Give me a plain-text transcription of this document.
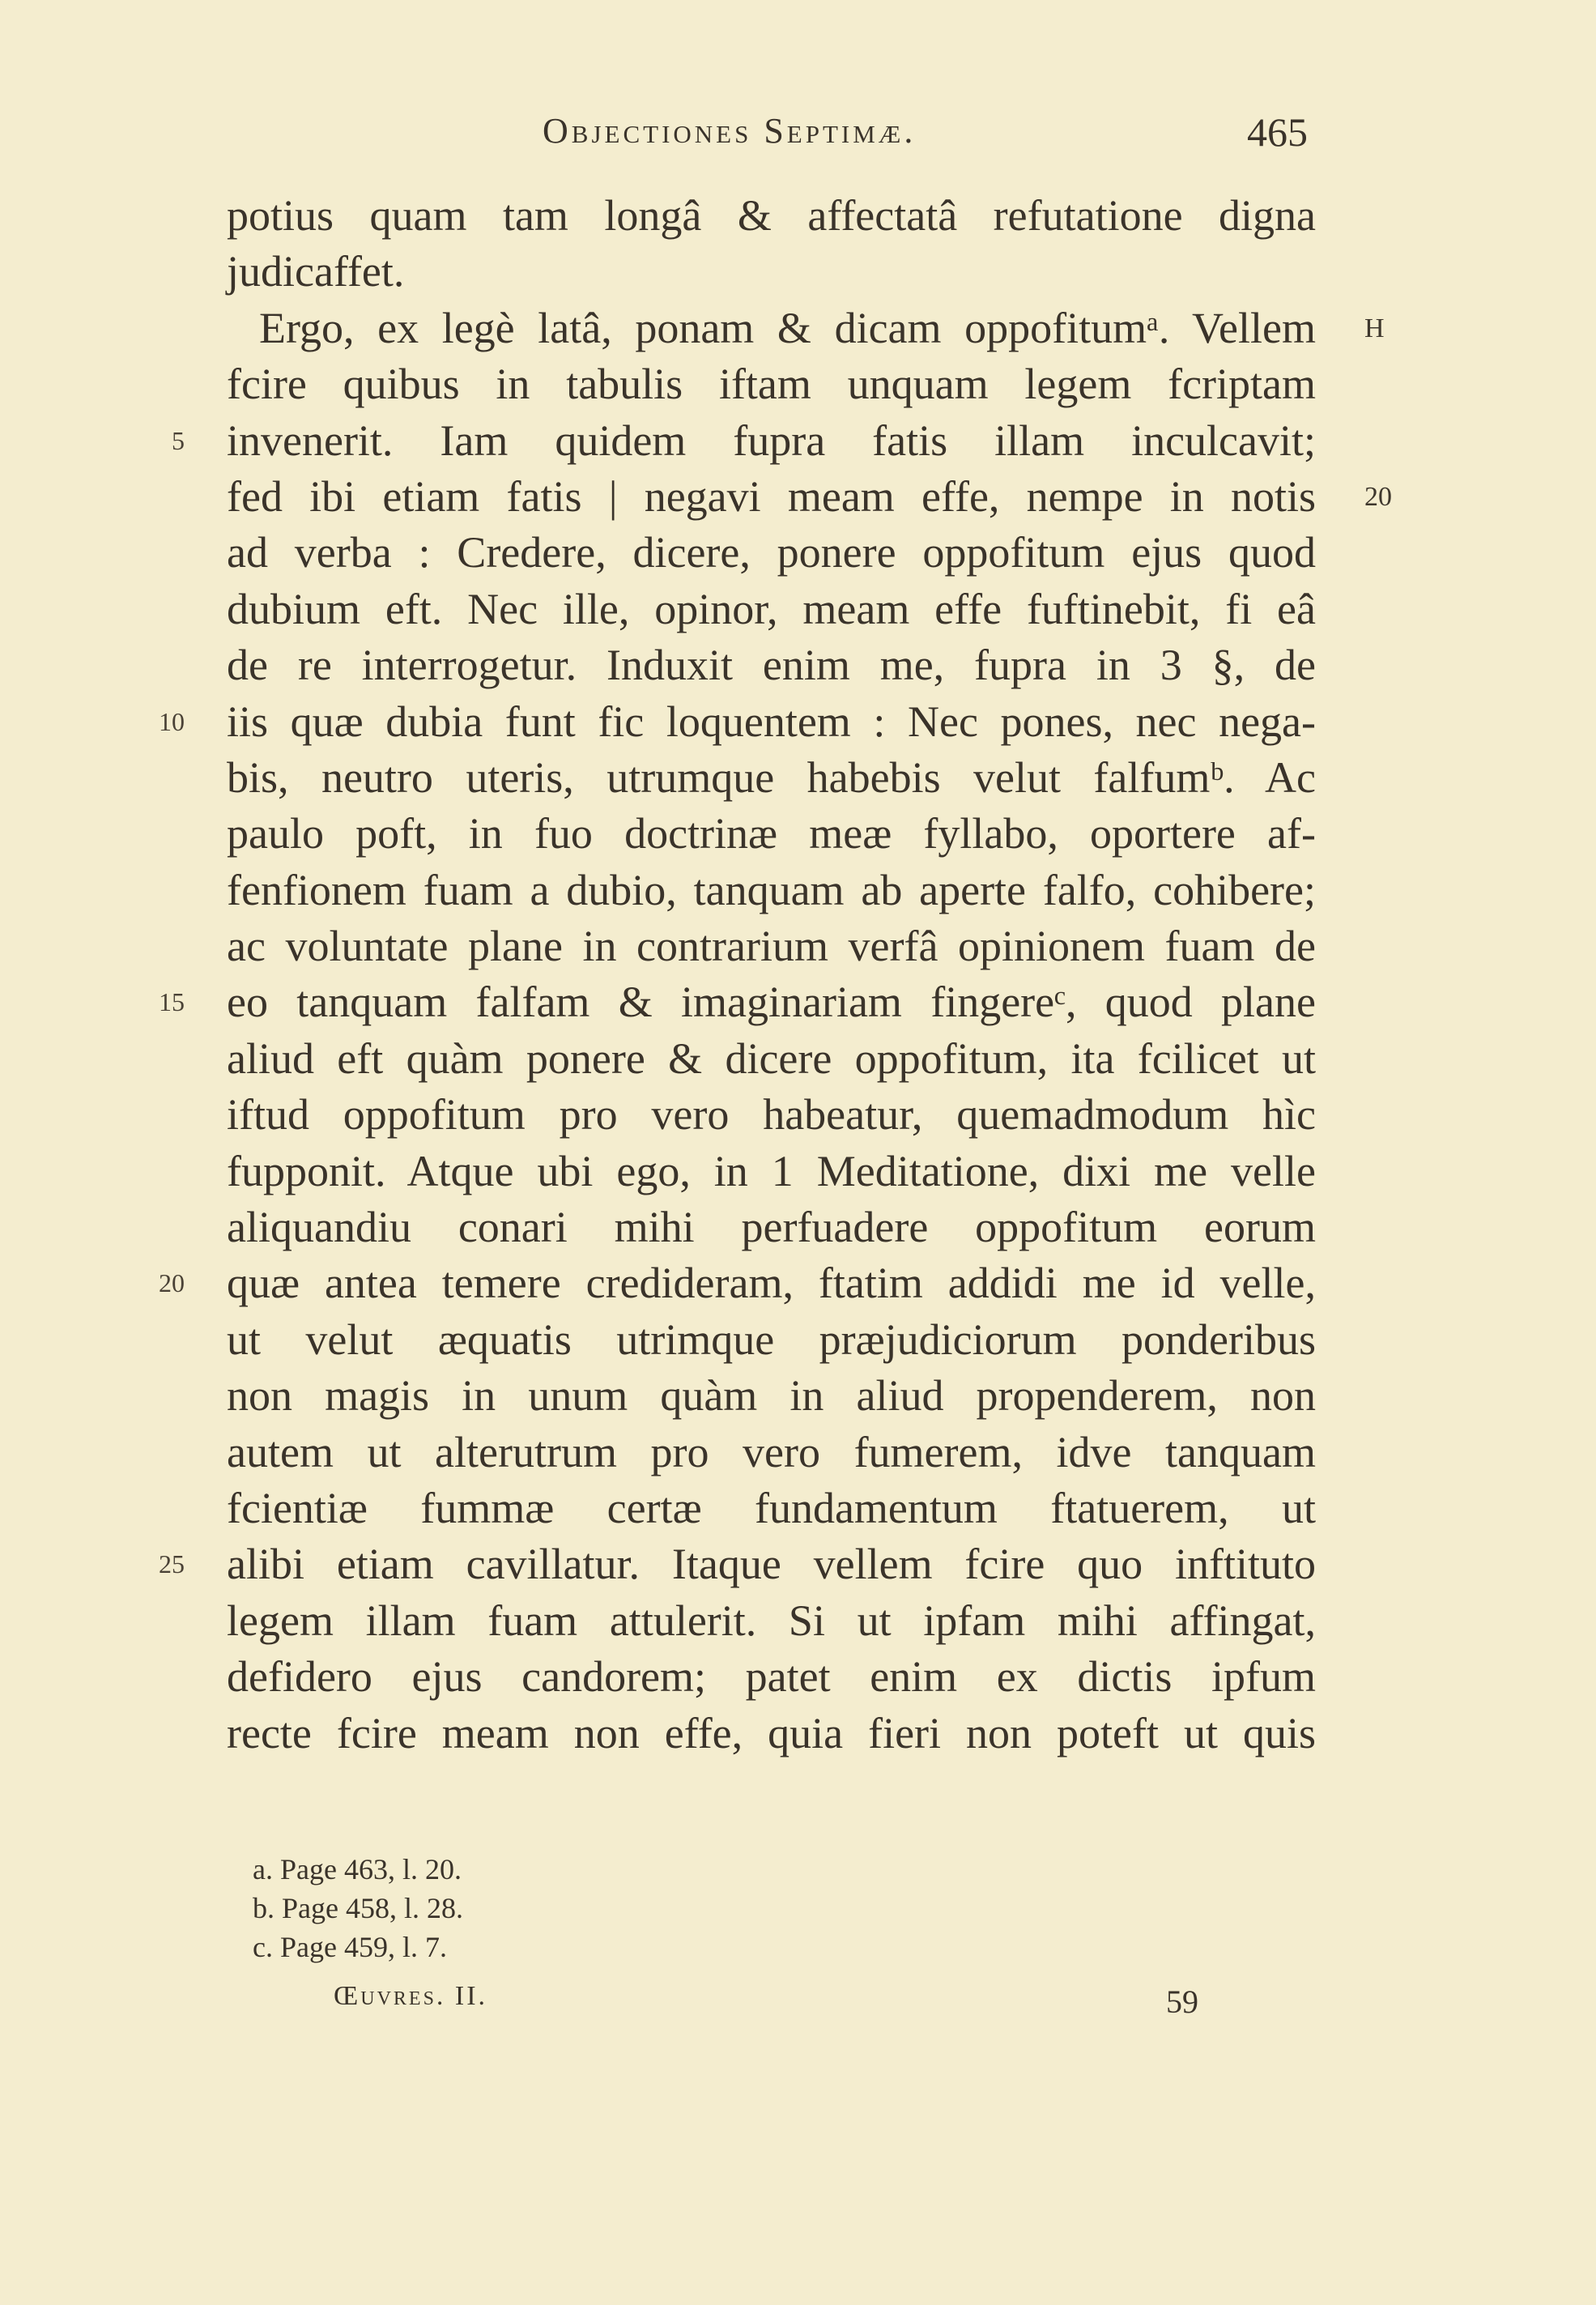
Objectiones Septimæ.	465
potius quam tam longâ & affectatâ refutatione digna
judicaffet.
Ergo, ex legè latâ, ponam & dicam oppofitumᵃ. Vellem H
fcire quibus in tabulis iftam unquam legem fcriptam
5 invenerit. Iam quidem fupra fatis illam inculcavit;
fed ibi etiam fatis | negavi meam effe, nempe in notis 20
ad verba : Credere, dicere, ponere oppofitum ejus quod
dubium eft. Nec ille, opinor, meam effe fuftinebit, fi eâ
de re interrogetur. Induxit enim me, fupra in 3 §, de
10 iis quæ dubia funt fic loquentem : Nec pones, nec nega-
bis, neutro uteris, utrumque habebis velut falfumᵇ. Ac
paulo poft, in fuo doctrinæ meæ fyllabo, oportere af-
fenfionem fuam a dubio, tanquam ab aperte falfo, cohibere;
ac voluntate plane in contrarium verfâ opinionem fuam de
15 eo tanquam falfam & imaginariam fingereᶜ, quod plane
aliud eft quàm ponere & dicere oppofitum, ita fcilicet ut
iftud oppofitum pro vero habeatur, quemadmodum hìc
fupponit. Atque ubi ego, in 1 Meditatione, dixi me velle
aliquandiu conari mihi perfuadere oppofitum eorum
20 quæ antea temere credideram, ftatim addidi me id velle,
ut velut æquatis utrimque præjudiciorum ponderibus
non magis in unum quàm in aliud propenderem, non
autem ut alterutrum pro vero fumerem, idve tanquam
fcientiæ fummæ certæ fundamentum ftatuerem, ut
25 alibi etiam cavillatur. Itaque vellem fcire quo inftituto
legem illam fuam attulerit. Si ut ipfam mihi affingat,
defidero ejus candorem; patet enim ex dictis ipfum
recte fcire meam non effe, quia fieri non poteft ut quis
a. Page 463, l. 20.
b. Page 458, l. 28.
c. Page 459, l. 7.
Œuvres. II.	59
